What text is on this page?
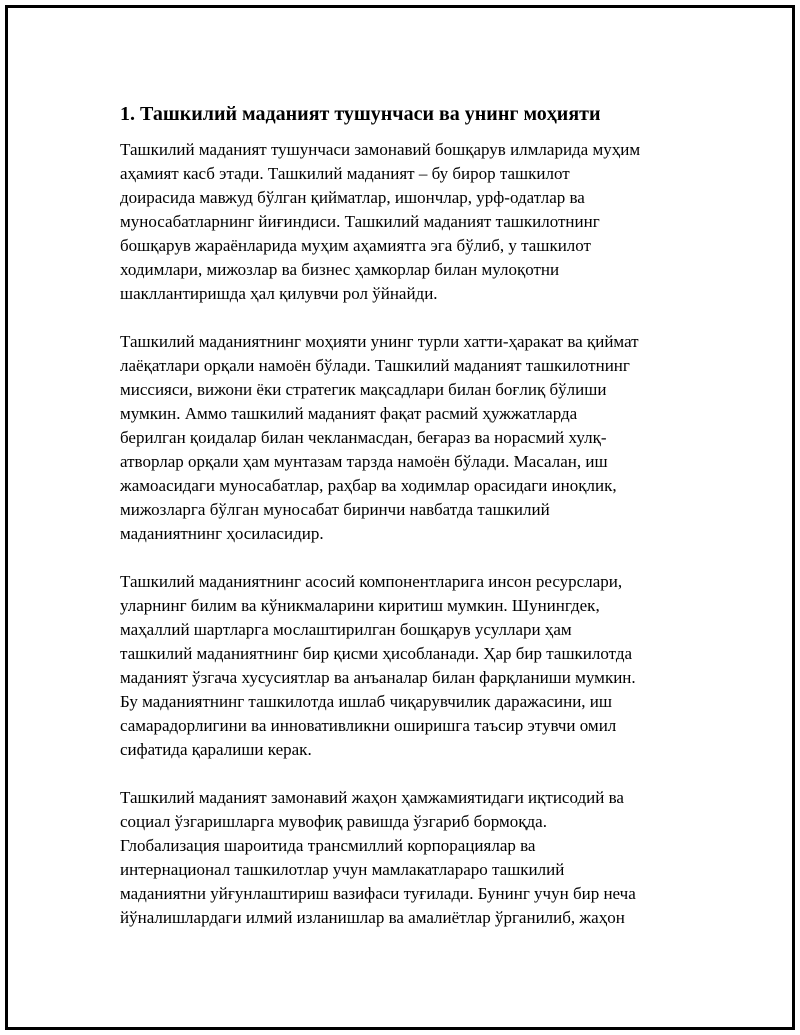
1. Ташкилий маданият тушунчаси ва унинг моҳияти

Ташкилий маданият тушунчаси замонавий бошқарув илмларида муҳим
аҳамият касб этади. Ташкилий маданият – бу бирор ташкилот
доирасида мавжуд бўлган қийматлар, ишончлар, урф-одатлар ва
муносабатларнинг йиғиндиси. Ташкилий маданият ташкилотнинг
бошқарув жараёнларида муҳим аҳамиятга эга бўлиб, у ташкилот
ходимлари, мижозлар ва бизнес ҳамкорлар билан мулоқотни
шакллантиришда ҳал қилувчи рол ўйнайди.

Ташкилий маданиятнинг моҳияти унинг турли хатти-ҳаракат ва қиймат
лаёқатлари орқали намоён бўлади. Ташкилий маданият ташкилотнинг
миссияси, вижони ёки стратегик мақсадлари билан боғлиқ бўлиши
мумкин. Аммо ташкилий маданият фақат расмий ҳужжатларда
берилган қоидалар билан чекланмасдан, беғараз ва норасмий хулқ-
атворлар орқали ҳам мунтазам тарзда намоён бўлади. Масалан, иш
жамоасидаги муносабатлар, раҳбар ва ходимлар орасидаги иноқлик,
мижозларга бўлган муносабат биринчи навбатда ташкилий
маданиятнинг ҳосиласидир.

Ташкилий маданиятнинг асосий компонентларига инсон ресурслари,
уларнинг билим ва кўникмаларини киритиш мумкин. Шунингдек,
маҳаллий шартларга мослаштирилган бошқарув усуллари ҳам
ташкилий маданиятнинг бир қисми ҳисобланади. Ҳар бир ташкилотда
маданият ўзгача хусусиятлар ва анъаналар билан фарқланиши мумкин.
Бу маданиятнинг ташкилотда ишлаб чиқарувчилик даражасини, иш
самарадорлигини ва инновативликни оширишга таъсир этувчи омил
сифатида қаралиши керак.

Ташкилий маданият замонавий жаҳон ҳамжамиятидаги иқтисодий ва
социал ўзгаришларга мувофиқ равишда ўзгариб бормоқда.
Глобализация шароитида трансмиллий корпорациялар ва
интернационал ташкилотлар учун мамлакатлараро ташкилий
маданиятни уйғунлаштириш вазифаси туғилади. Бунинг учун бир неча
йўналишлардаги илмий изланишлар ва амалиётлар ўрганилиб, жаҳон
